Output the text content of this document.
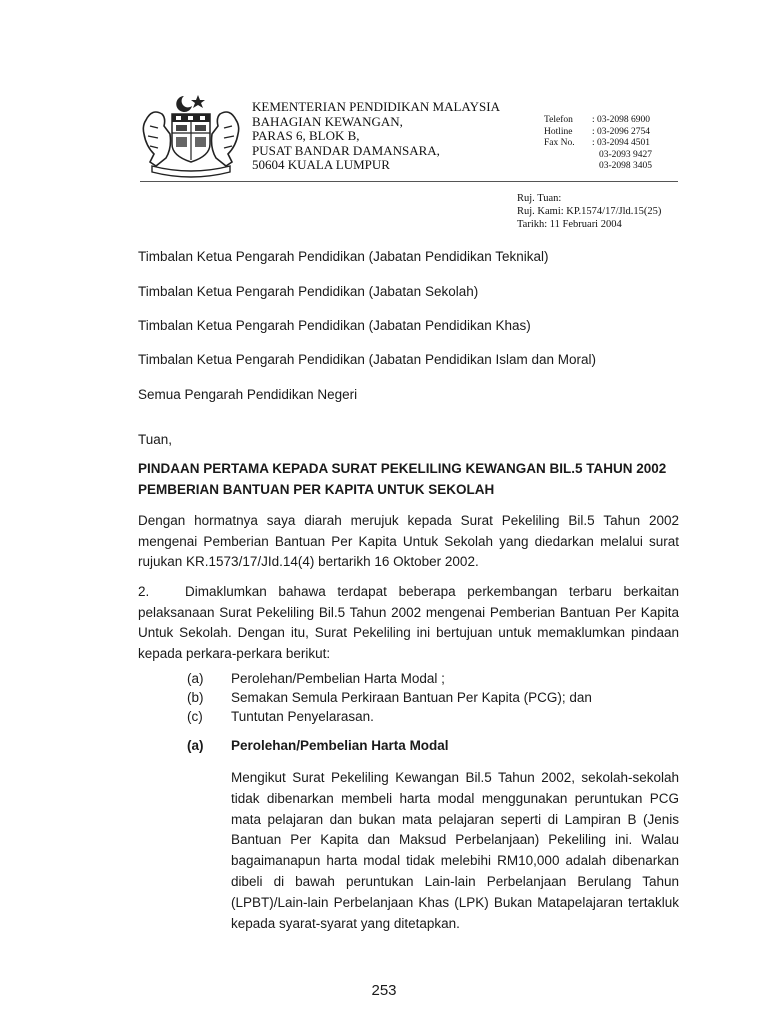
KEMENTERIAN PENDIDIKAN MALAYSIA
BAHAGIAN KEWANGAN,
PARAS 6, BLOK B,
PUSAT BANDAR DAMANSARA,
50604 KUALA LUMPUR
Telefon	: 03-2098 6900
Hotline	: 03-2096 2754
Fax No.	: 03-2094 4501
03-2093 9427
03-2098 3405
Ruj. Tuan:
Ruj. Kami: KP.1574/17/Jld.15(25)
Tarikh: 11 Februari 2004
Timbalan Ketua Pengarah Pendidikan (Jabatan Pendidikan Teknikal)
Timbalan Ketua Pengarah Pendidikan (Jabatan Sekolah)
Timbalan Ketua Pengarah Pendidikan (Jabatan Pendidikan Khas)
Timbalan Ketua Pengarah Pendidikan (Jabatan Pendidikan Islam dan Moral)
Semua Pengarah Pendidikan Negeri
Tuan,
PINDAAN PERTAMA KEPADA SURAT PEKELILING KEWANGAN BIL.5 TAHUN 2002 PEMBERIAN BANTUAN PER KAPITA UNTUK SEKOLAH
Dengan hormatnya saya diarah merujuk kepada Surat Pekeliling Bil.5 Tahun 2002 mengenai Pemberian Bantuan Per Kapita Untuk Sekolah yang diedarkan melalui surat rujukan KR.1573/17/JId.14(4) bertarikh 16 Oktober 2002.
2.	Dimaklumkan bahawa terdapat beberapa perkembangan terbaru berkaitan pelaksanaan Surat Pekeliling Bil.5 Tahun 2002 mengenai Pemberian Bantuan Per Kapita Untuk Sekolah. Dengan itu, Surat Pekeliling ini bertujuan untuk memaklumkan pindaan kepada perkara-perkara berikut:
(a)	Perolehan/Pembelian Harta Modal ;
(b)	Semakan Semula Perkiraan Bantuan Per Kapita (PCG); dan
(c)	Tuntutan Penyelarasan.
(a)	Perolehan/Pembelian Harta Modal
Mengikut Surat Pekeliling Kewangan Bil.5 Tahun 2002, sekolah-sekolah tidak dibenarkan membeli harta modal menggunakan peruntukan PCG mata pelajaran dan bukan mata pelajaran seperti di Lampiran B (Jenis Bantuan Per Kapita dan Maksud Perbelanjaan) Pekeliling ini. Walau bagaimanapun harta modal tidak melebihi RM10,000 adalah dibenarkan dibeli di bawah peruntukan Lain-lain Perbelanjaan Berulang Tahun (LPBT)/Lain-lain Perbelanjaan Khas (LPK) Bukan Matapelajaran tertakluk kepada syarat-syarat yang ditetapkan.
253
